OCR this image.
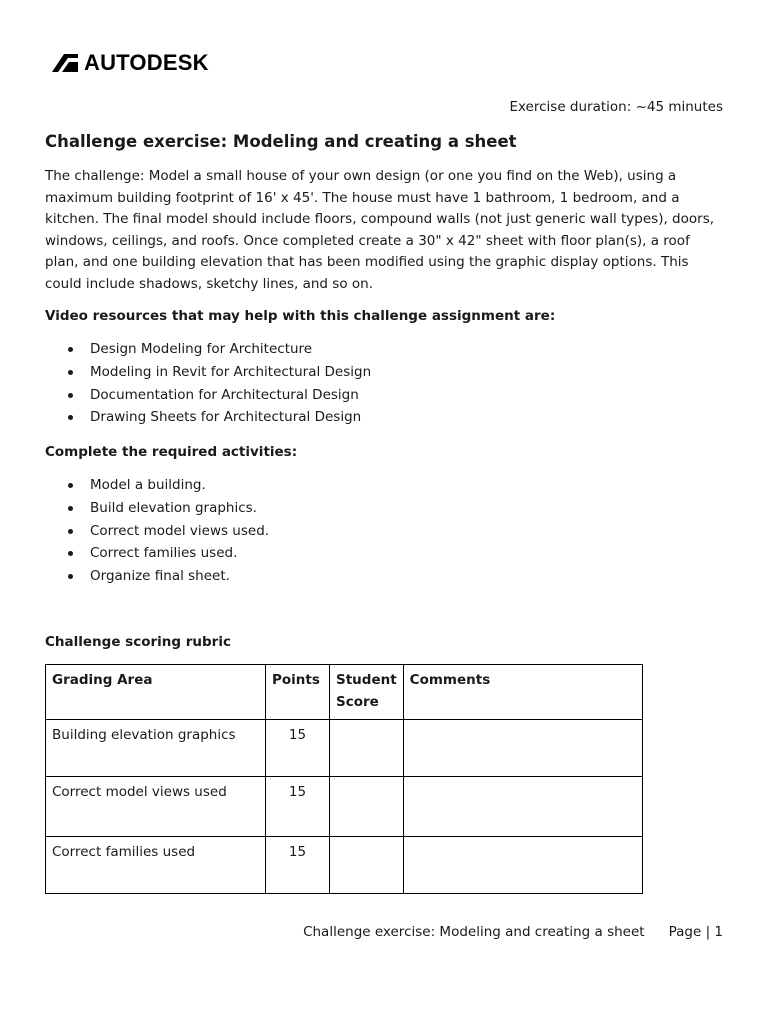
AUTODESK
Exercise duration: ~45 minutes
Challenge exercise: Modeling and creating a sheet

The challenge: Model a small house of your own design (or one you find on the Web), using a maximum building footprint of 16' x 45'. The house must have 1 bathroom, 1 bedroom, and a kitchen. The final model should include floors, compound walls (not just generic wall types), doors, windows, ceilings, and roofs. Once completed create a 30" x 42" sheet with floor plan(s), a roof plan, and one building elevation that has been modified using the graphic display options. This could include shadows, sketchy lines, and so on.

Video resources that may help with this challenge assignment are:

Design Modeling for Architecture
Modeling in Revit for Architectural Design
Documentation for Architectural Design
Drawing Sheets for Architectural Design

Complete the required activities:

Model a building.
Build elevation graphics.
Correct model views used.
Correct families used.
Organize final sheet.

Challenge scoring rubric

Grading Area	Points	Student Score	Comments
Building elevation graphics	15		
Correct model views used	15		
Correct families used	15		
Challenge exercise: Modeling and creating a sheet Page | 1
